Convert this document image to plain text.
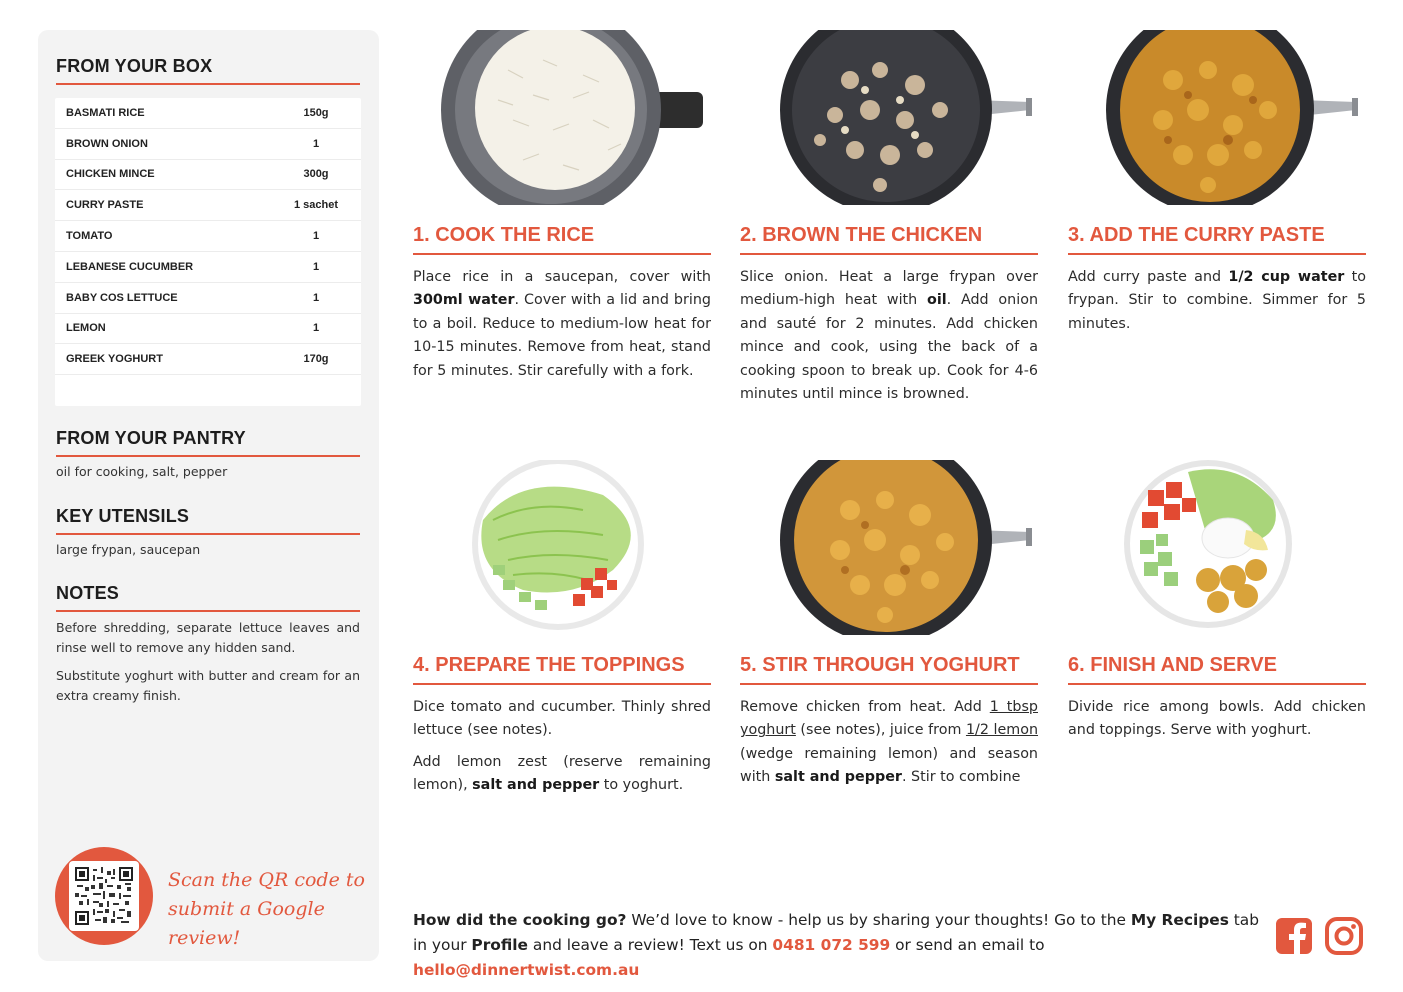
FROM YOUR BOX
BASMATI RICE	150g
BROWN ONION	1
CHICKEN MINCE	300g
CURRY PASTE	1 sachet
TOMATO	1
LEBANESE CUCUMBER	1
BABY COS LETTUCE	1
LEMON	1
GREEK YOGHURT	170g
FROM YOUR PANTRY
oil for cooking, salt, pepper
KEY UTENSILS
large frypan, saucepan
NOTES
Before shredding, separate lettuce leaves and rinse well to remove any hidden sand.
Substitute yoghurt with butter and cream for an extra creamy finish.
Scan the QR code to
submit a Google review!
1. COOK THE RICE

Place rice in a saucepan, cover with 300ml water. Cover with a lid and bring to a boil. Reduce to medium-low heat for 10-15 minutes. Remove from heat, stand for 5 minutes. Stir carefully with a fork.

2. BROWN THE CHICKEN

Slice onion. Heat a large frypan over medium-high heat with oil. Add onion and sauté for 2 minutes. Add chicken mince and cook, using the back of a cooking spoon to break up. Cook for 4-6 minutes until mince is browned.

3. ADD THE CURRY PASTE

Add curry paste and 1/2 cup water to frypan. Stir to combine. Simmer for 5 minutes.

4. PREPARE THE TOPPINGS

Dice tomato and cucumber. Thinly shred lettuce (see notes).

Add lemon zest (reserve remaining lemon), salt and pepper to yoghurt.

5. STIR THROUGH YOGHURT

Remove chicken from heat. Add 1 tbsp yoghurt (see notes), juice from 1/2 lemon (wedge remaining lemon) and season with salt and pepper. Stir to combine

6. FINISH AND SERVE

Divide rice among bowls. Add chicken and toppings. Serve with yoghurt.

How did the cooking go? We’d love to know - help us by sharing your thoughts! Go to the My Recipes tab in your Profile and leave a review! Text us on 0481 072 599 or send an email to hello@dinnertwist.com.au
